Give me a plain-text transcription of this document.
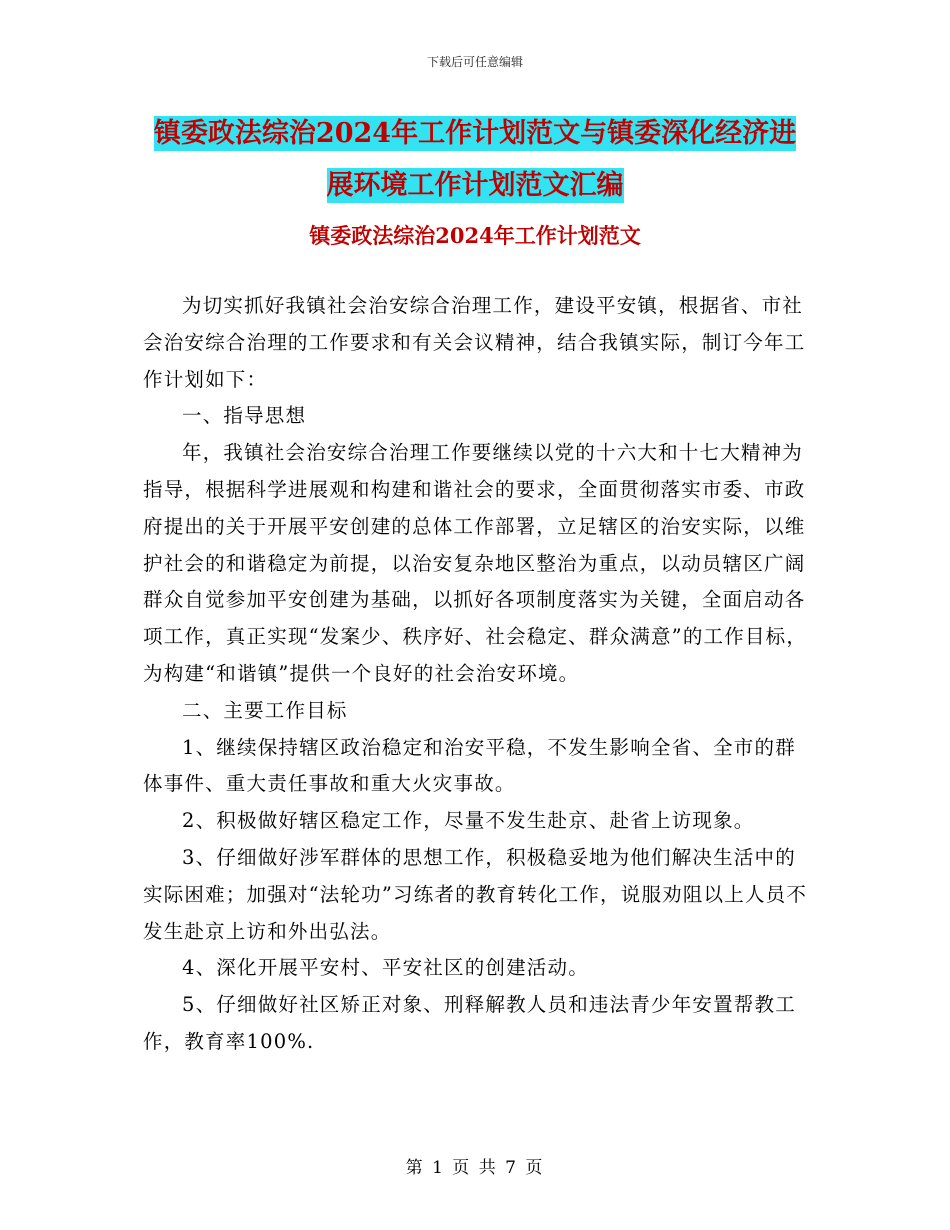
下载后可任意编辑
镇委政法综治2024年工作计划范文与镇委深化经济进
展环境工作计划范文汇编
镇委政法综治2024年工作计划范文

为切实抓好我镇社会治安综合治理工作，建设平安镇，根据省、市社会治安综合治理的工作要求和有关会议精神，结合我镇实际，制订今年工作计划如下：

一、指导思想

年，我镇社会治安综合治理工作要继续以党的十六大和十七大精神为指导，根据科学进展观和构建和谐社会的要求，全面贯彻落实市委、市政府提出的关于开展平安创建的总体工作部署，立足辖区的治安实际，以维护社会的和谐稳定为前提，以治安复杂地区整治为重点，以动员辖区广阔群众自觉参加平安创建为基础，以抓好各项制度落实为关键，全面启动各项工作，真正实现“发案少、秩序好、社会稳定、群众满意”的工作目标，为构建“和谐镇”提供一个良好的社会治安环境。

二、主要工作目标

1、继续保持辖区政治稳定和治安平稳，不发生影响全省、全市的群体事件、重大责任事故和重大火灾事故。

2、积极做好辖区稳定工作，尽量不发生赴京、赴省上访现象。

3、仔细做好涉军群体的思想工作，积极稳妥地为他们解决生活中的实际困难；加强对“法轮功”习练者的教育转化工作，说服劝阻以上人员不发生赴京上访和外出弘法。

4、深化开展平安村、平安社区的创建活动。

5、仔细做好社区矫正对象、刑释解教人员和违法青少年安置帮教工作，教育率100%.

第 1 页 共 7 页
